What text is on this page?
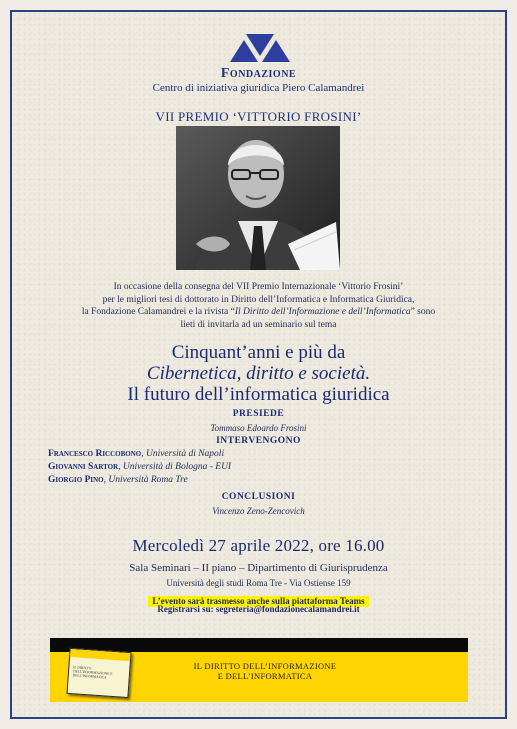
Fondazione
Centro di iniziativa giuridica Piero Calamandrei
VII PREMIO ‘VITTORIO FROSINI’
In occasione della consegna del VII Premio Internazionale ‘Vittorio Frosini’
per le migliori tesi di dottorato in Diritto dell’Informatica e Informatica Giuridica,
la Fondazione Calamandrei e la rivista “Il Diritto dell’Informazione e dell’Informatica” sono
lieti di invitarla ad un seminario sul tema
Cinquant’anni e più da
Cibernetica, diritto e società.
Il futuro dell’informatica giuridica
PRESIEDE
Tommaso Edoardo Frosini
INTERVENGONO
Francesco Riccobono, Università di Napoli
Giovanni Sartor, Università di Bologna - EUI
Giorgio Pino, Università Roma Tre
CONCLUSIONI
Vincenzo Zeno-Zencovich
Mercoledì 27 aprile 2022, ore 16.00
Sala Seminari – II piano – Dipartimento di Giurisprudenza
Università degli studi Roma Tre - Via Ostiense 159
L’evento sarà trasmesso anche sulla piattaforma Teams
Registrarsi su: segreteria@fondazionecalamandrei.it
IL DIRITTO DELL’INFORMAZIONE E DELL’INFORMATICA
IL DIRITTO DELL’INFORMAZIONE
E DELL’INFORMATICA
